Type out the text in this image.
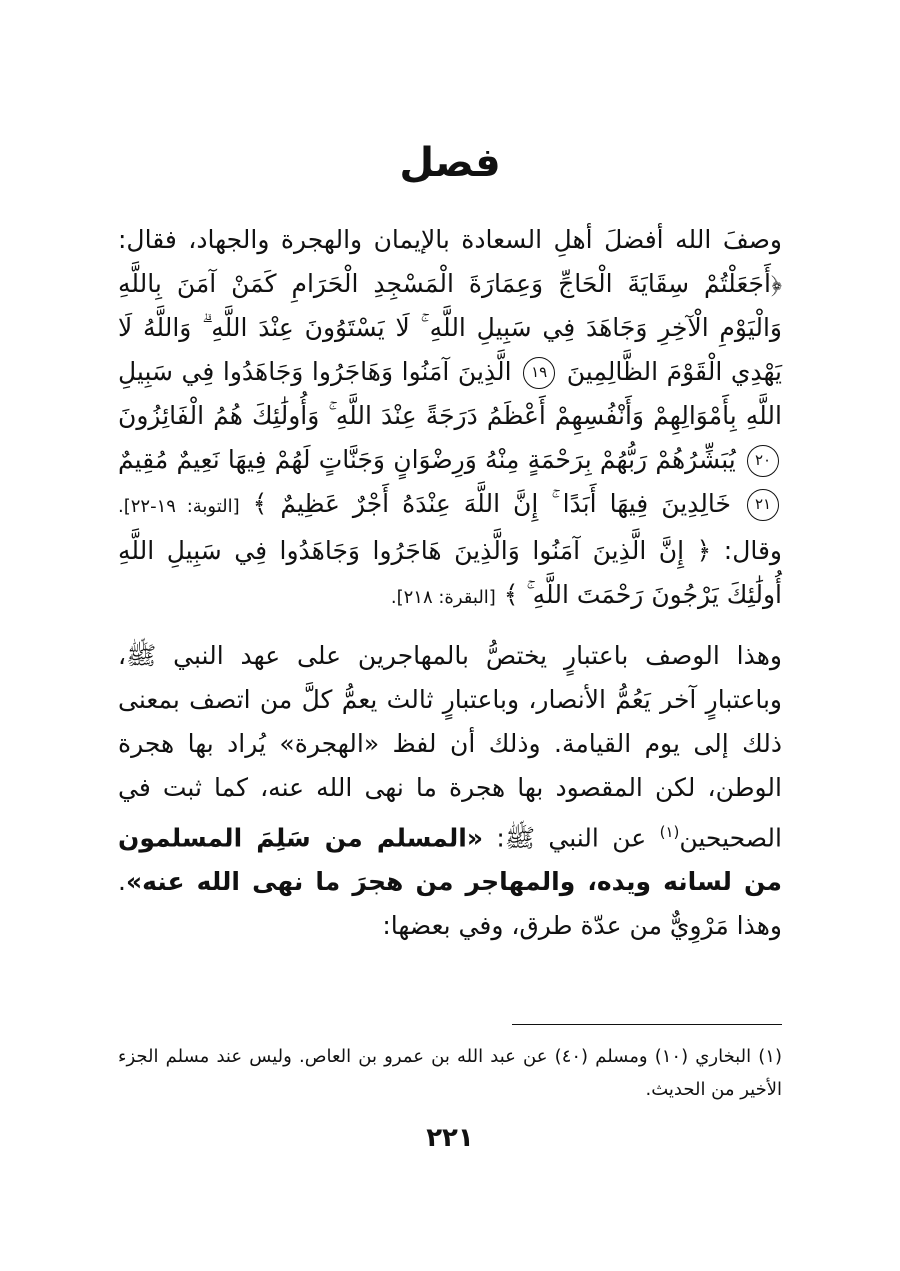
فصل

وصفَ الله أفضلَ أهلِ السعادة بالإيمان والهجرة والجهاد، فقال: ﴿أَجَعَلْتُمْ سِقَايَةَ الْحَاجِّ وَعِمَارَةَ الْمَسْجِدِ الْحَرَامِ كَمَنْ آمَنَ بِاللَّهِ وَالْيَوْمِ الْآخِرِ وَجَاهَدَ فِي سَبِيلِ اللَّهِ ۚ لَا يَسْتَوُونَ عِنْدَ اللَّهِ ۗ وَاللَّهُ لَا يَهْدِي الْقَوْمَ الظَّالِمِينَ ١٩ الَّذِينَ آمَنُوا وَهَاجَرُوا وَجَاهَدُوا فِي سَبِيلِ اللَّهِ بِأَمْوَالِهِمْ وَأَنْفُسِهِمْ أَعْظَمُ دَرَجَةً عِنْدَ اللَّهِ ۚ وَأُولَٰئِكَ هُمُ الْفَائِزُونَ ٢٠ يُبَشِّرُهُمْ رَبُّهُمْ بِرَحْمَةٍ مِنْهُ وَرِضْوَانٍ وَجَنَّاتٍ لَهُمْ فِيهَا نَعِيمٌ مُقِيمٌ ٢١ خَالِدِينَ فِيهَا أَبَدًا ۚ إِنَّ اللَّهَ عِنْدَهُ أَجْرٌ عَظِيمٌ ﴾ [التوبة: ١٩-٢٢]. وقال: ﴿ إِنَّ الَّذِينَ آمَنُوا وَالَّذِينَ هَاجَرُوا وَجَاهَدُوا فِي سَبِيلِ اللَّهِ أُولَٰئِكَ يَرْجُونَ رَحْمَتَ اللَّهِ ۚ ﴾ [البقرة: ٢١٨].

وهذا الوصف باعتبارٍ يختصُّ بالمهاجرين على عهد النبي ﷺ، وباعتبارٍ آخر يَعُمُّ الأنصار، وباعتبارٍ ثالث يعمُّ كلَّ من اتصف بمعنى ذلك إلى يوم القيامة. وذلك أن لفظ «الهجرة» يُراد بها هجرة الوطن، لكن المقصود بها هجرة ما نهى الله عنه، كما ثبت في الصحيحين$^{(١)}$ عن النبي ﷺ: «المسلم من سَلِمَ المسلمون من لسانه ويده، والمهاجر من هجرَ ما نهى الله عنه». وهذا مَرْوِيٌّ من عدّة طرق، وفي بعضها:

(١) البخاري (١٠) ومسلم (٤٠) عن عبد الله بن عمرو بن العاص. وليس عند مسلم الجزء الأخير من الحديث.

٢٢١
